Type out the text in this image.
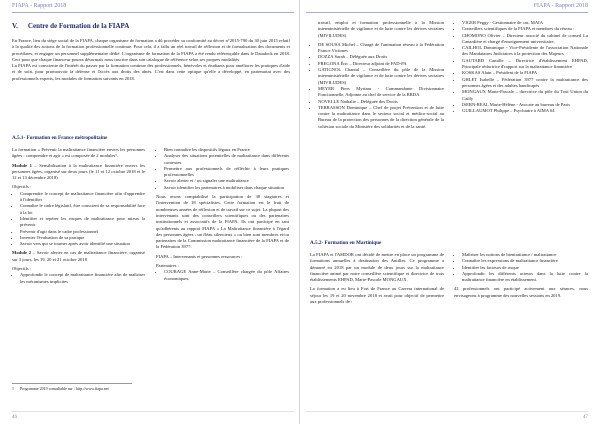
FIAPA - Rapport 2018
V. Centre de Formation de la FIAPA

En France, lieu du siège social de la FIAPA, chaque organisme de formation a dû procéder sa conformité au décret n°2015-790 du 30 juin 2015 relatif à la qualité des actions de la formation professionnelle continue. Pour cela, il a fallu un réel travail de réflexion et de formalisation des documents et procédures, et engager un personnel supplémentaire dédié. L'organisme de formation de la FIAPA a été rendu référençable dans le Datadock en 2018. Ceci pour que chaque financeur pourra désormais nous inscrire dans son catalogue de référence selon ses propres modalités.

La FIAPA est consciente de l'intérêt du passer par la formation continue des professionnels, bénévoles et étudiants pour améliorer les pratiques d'aide et de soin, pour promouvoir la défense et l'accès aux droits des aînés. C'est dans cette optique qu'elle a développé, en partenariat avec des professionnels experts, les modules de formation suivants en 2018.

A.5.1- Formation en France métropolitaine

La formation « Prévenir la maltraitance financière envers les personnes âgées : comprendre et agir » est composée de 2 modules¹.

Module 1 – Sensibilisation à la maltraitance financière envers les personnes âgées, organisé sur deux jours (le 11 et 12 octobre 2018 et le 12 et 13 décembre 2018).

Objectifs :

• Comprendre le concept de maltraitance financière afin d'apprendre à l'identifier
• Connaître le cadre législatif, être conscient de sa responsabilité face à la loi
• Identifier et repérer les risques de maltraitance pour mieux la prévenir
• Prévenir d'agir dans le cadre professionnel
• Inventer l'évaluation de sa pratique
• Savoir vers qui se tourner après avoir identifié une situation

Module 2 – Savoir alerter en cas de maltraitance financière, organisé sur 3 jours, les 19, 20 et 21 octobre 2018

Objectifs :

• Approfondir le concept de maltraitance financière afin de maîtriser les mécanismes implicites
• Bien connaître les dispositifs légaux en France
• Analyser des situations potentielles de maltraitance dans différents contextes
• Permettre aux professionnels de réfléchir à leurs pratiques professionnelles
• Savoir alerter et / ou signaler une maltraitance
• Savoir identifier les partenaires à mobiliser dans chaque situation

Nous avons comptabilisé la participation de 38 stagiaires et l'intervention de 18 spécialistes. Cette formation est le fruit de nombreuses années de réflexion et de travail sur ce sujet. La plupart des intervenants sont des conseillers scientifiques ou des partenaires institutionnels et associatifs de la FIAPA. Ils ont participé en tant qu'adhérents au rapport FIAPA « La Maltraitance financière à l'égard des personnes âgées : un fléau silencieux » ou bien sont membres et/ou partenaires de la Commission maltraitance financière de la FIAPA et de la Fédération 3977.

FIAPA – Intervenants et personnes ressources :

Partenaires :

• COURAGE Anne-Marie – Conseillère chargée du pôle Affaires économiques,
1 Programme 2019 consultable sur : http://www.fiapa.net
46
FIAPA - Rapport 2018

travail, emploi et formation professionnelle à la Mission interministérielle de vigilance et de lutte contre les dérives sectaires (MIVILUDES)

• DE SOUSA Michel – Chargé de l'animation réseau à la Fédération France Victimes
• DOZZA Sarah – Déléguée aux Droits
• FREGONA Éric – Directeur adjoint de FAD-PA
• GATIGNOL Chantal – Conseillère du pôle de la Mission interministérielle de vigilance et de lutte contre les dérives sectaires (MIVILUDES)
• MEYER Piers Myriam - Commandante Divisionnaire Fonctionnelle, Adjointe au chef de service de la BRDA
• NOVELLE Nathalie – Déléguée des Droits
• TERRASSON Dominique – Chef de projet Prévention et de lutte contre la maltraitance dans le secteur social et médico-social au Bureau de la protection des personnes de la direction générale de la cohésion sociale du Ministère des solidarités et de la santé.
• VIGER Peggy - Gestionnaire de cas, MAIA
• Conseillers scientifiques de la FIAPA et membres du réseau :
• CHOMONO Olivier – Directeur associé du cabinet de conseil La Canardière et chargé d'enseignement universitaire,
• CAILHOL Dominique - Vice-Présidente de l'association Nationale des Mandataires Judiciaires à la protection des Majeurs
• GAUTARD Camille – Directrice d'établissement EHPAD, Principale rédactrice d'rapport sur la maltraitance financière
• KOSKAS Alain – Président de la FIAPA
• GHLET Isabelle – Fédération 3977 contre la maltraitance des personnes âgées et des adultes handicapés
• MONGAUX Marie-Pascale – directrice du pôle du Tout Union du Cailly
• ISERN-REAL Marie-Hélène - Avocate au barreau de Paris
• GUILLAUMOT Philippe – Psychiatre à AIMA 64
A.5.2- Formation en Martinique

La FIAPA et l'AMDOR ont décidé de mettre en place un programme de formations annuelles à destination des Antilles. Ce programme a démarré en 2018 par un module de deux jours sur la maltraitance financière animé par notre conseillère scientifique et directrice de trois établissements EHPAD, Marie-Pascale MONGAUX.

La formation a eu lieu à Fort de France au Carrera international de séjour les 19 et 20 novembre 2018 et avait pour objectif de permettre aux professionnels de :

• Maîtriser les notions de bientraitance / maltraitance
• Connaître les expressions de maltraitance financière
• Identifier les facteurs de risque
• Approfondir les différents acteurs dans la lutte contre la maltraitance financière en établissement.

42 professionnels ont participé activement aux séances, nous envisageons à programme des nouvelles sessions en 2019.

47
